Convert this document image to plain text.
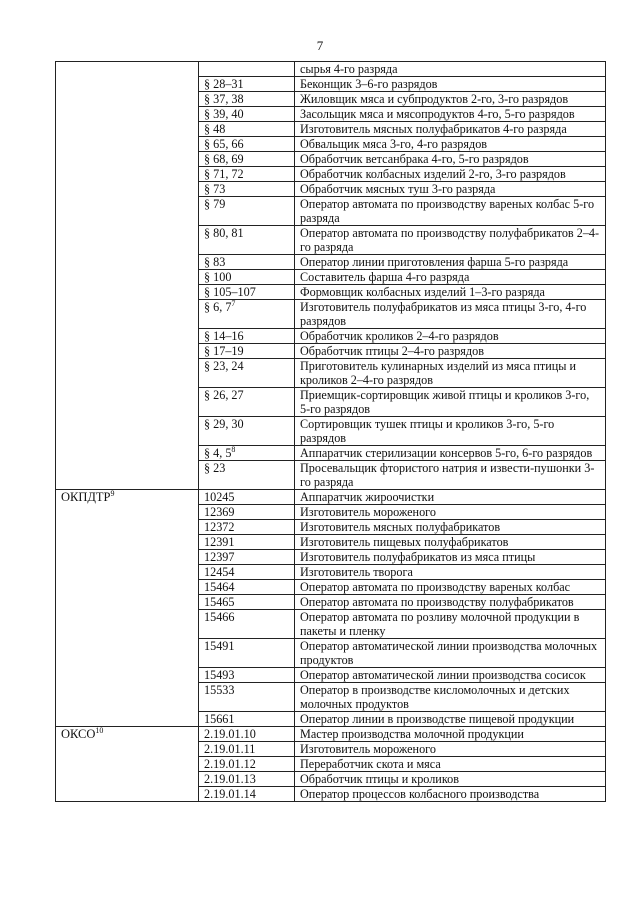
7
		сырья 4-го разряда
	§ 28–31	Беконщик 3–6-го разрядов
	§ 37, 38	Жиловщик мяса и субпродуктов 2-го, 3-го разрядов
	§ 39, 40	Засольщик мяса и мясопродуктов 4-го, 5-го разрядов
	§ 48	Изготовитель мясных полуфабрикатов 4-го разряда
	§ 65, 66	Обвальщик мяса 3-го, 4-го разрядов
	§ 68, 69	Обработчик ветсанбрака 4-го, 5-го разрядов
	§ 71, 72	Обработчик колбасных изделий 2-го, 3-го разрядов
	§ 73	Обработчик мясных туш 3-го разряда
	§ 79	Оператор автомата по производству вареных колбас 5-го разряда
	§ 80, 81	Оператор автомата по производству полуфабрикатов 2–4-го разряда
	§ 83	Оператор линии приготовления фарша 5-го разряда
	§ 100	Составитель фарша 4-го разряда
	§ 105–107	Формовщик колбасных изделий 1–3-го разряда
	§ 6, $7^7$	Изготовитель полуфабрикатов из мяса птицы 3-го, 4-го разрядов
	§ 14–16	Обработчик кроликов 2–4-го разрядов
	§ 17–19	Обработчик птицы 2–4-го разрядов
	§ 23, 24	Приготовитель кулинарных изделий из мяса птицы и кроликов 2–4-го разрядов
	§ 26, 27	Приемщик-сортировщик живой птицы и кроликов 3-го, 5-го разрядов
	§ 29, 30	Сортировщик тушек птицы и кроликов 3-го, 5-го разрядов
	§ 4, $5^8$	Аппаратчик стерилизации консервов 5-го, 6-го разрядов
	§ 23	Просевальщик фтористого натрия и извести-пушонки 3-го разряда
ОКПДТР$^9$	10245	Аппаратчик жироочистки
	12369	Изготовитель мороженого
	12372	Изготовитель мясных полуфабрикатов
	12391	Изготовитель пищевых полуфабрикатов
	12397	Изготовитель полуфабрикатов из мяса птицы
	12454	Изготовитель творога
	15464	Оператор автомата по производству вареных колбас
	15465	Оператор автомата по производству полуфабрикатов
	15466	Оператор автомата по розливу молочной продукции в пакеты и пленку
	15491	Оператор автоматической линии производства молочных продуктов
	15493	Оператор автоматической линии производства сосисок
	15533	Оператор в производстве кисломолочных и детских молочных продуктов
	15661	Оператор линии в производстве пищевой продукции
ОКСО$^{10}$	2.19.01.10	Мастер производства молочной продукции
	2.19.01.11	Изготовитель мороженого
	2.19.01.12	Переработчик скота и мяса
	2.19.01.13	Обработчик птицы и кроликов
	2.19.01.14	Оператор процессов колбасного производства
